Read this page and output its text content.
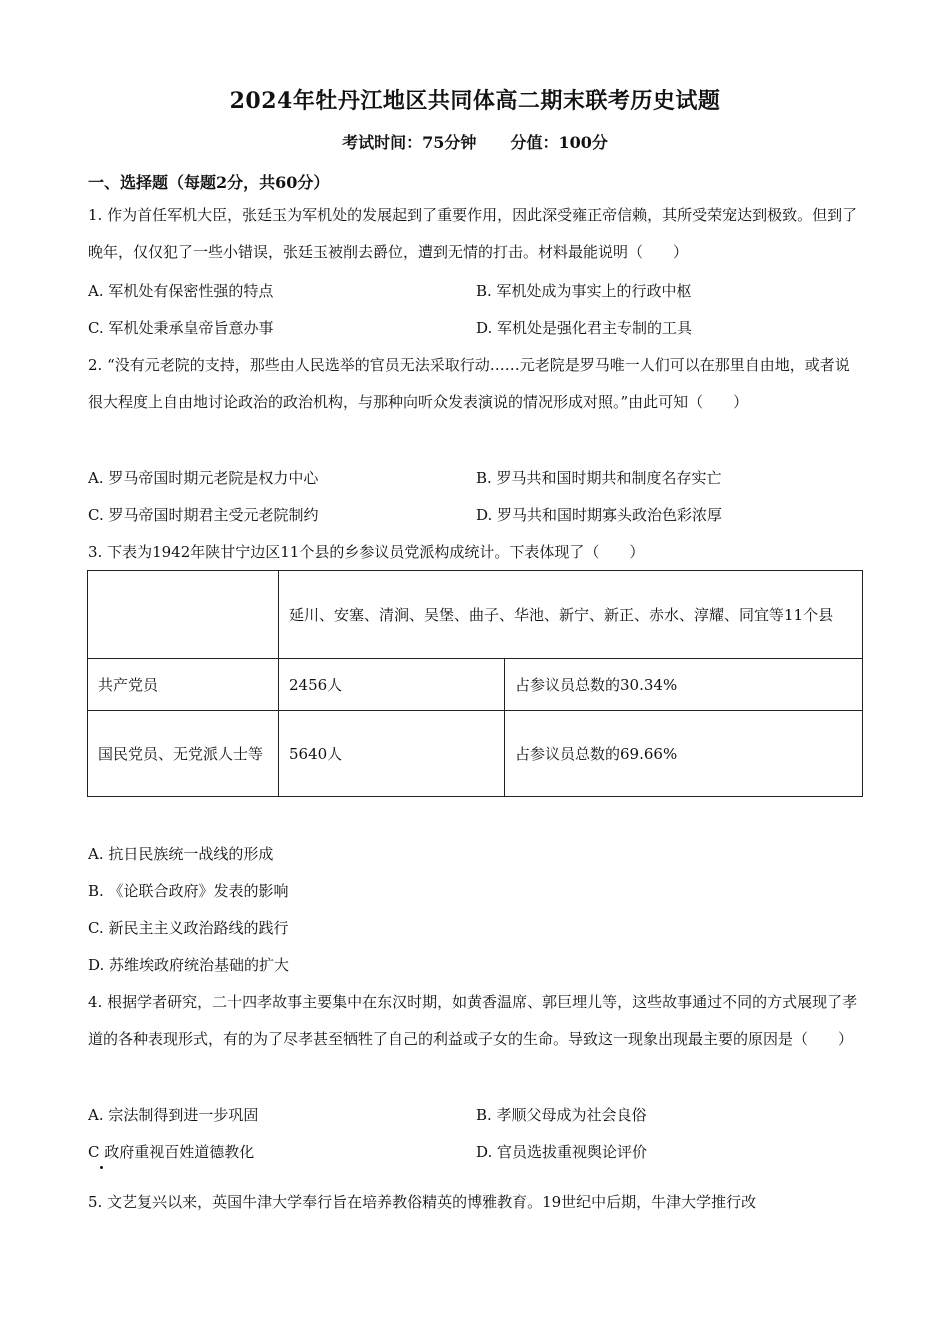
2024年牡丹江地区共同体高二期末联考历史试题
考试时间：75分钟 分值：100分
一、选择题（每题2分，共60分）
1. 作为首任军机大臣，张廷玉为军机处的发展起到了重要作用，因此深受雍正帝信赖，其所受荣宠达到极致。但到了晚年，仅仅犯了一些小错误，张廷玉被削去爵位，遭到无情的打击。材料最能说明（　　）
A. 军机处有保密性强的特点	B. 军机处成为事实上的行政中枢
C. 军机处秉承皇帝旨意办事	D. 军机处是强化君主专制的工具
2. “没有元老院的支持，那些由人民选举的官员无法采取行动……元老院是罗马唯一人们可以在那里自由地，或者说很大程度上自由地讨论政治的政治机构，与那种向听众发表演说的情况形成对照。”由此可知（　　）
A. 罗马帝国时期元老院是权力中心	B. 罗马共和国时期共和制度名存实亡
C. 罗马帝国时期君主受元老院制约	D. 罗马共和国时期寡头政治色彩浓厚
3. 下表为1942年陕甘宁边区11个县的乡参议员党派构成统计。下表体现了（　　）
	延川、安塞、清涧、吴堡、曲子、华池、新宁、新正、赤水、淳耀、同宜等11个县	
共产党员	2456人	占参议员总数的30.34%
国民党员、无党派人士等	5640人	占参议员总数的69.66%
A. 抗日民族统一战线的形成
B. 《论联合政府》发表的影响
C. 新民主主义政治路线的践行
D. 苏维埃政府统治基础的扩大
4. 根据学者研究，二十四孝故事主要集中在东汉时期，如黄香温席、郭巨埋儿等，这些故事通过不同的方式展现了孝道的各种表现形式，有的为了尽孝甚至牺牲了自己的利益或子女的生命。导致这一现象出现最主要的原因是（　　）
A. 宗法制得到进一步巩固	B. 孝顺父母成为社会良俗
C 政府重视百姓道德教化	D. 官员选拔重视舆论评价
5. 文艺复兴以来，英国牛津大学奉行旨在培养教俗精英的博雅教育。19世纪中后期，牛津大学推行改
